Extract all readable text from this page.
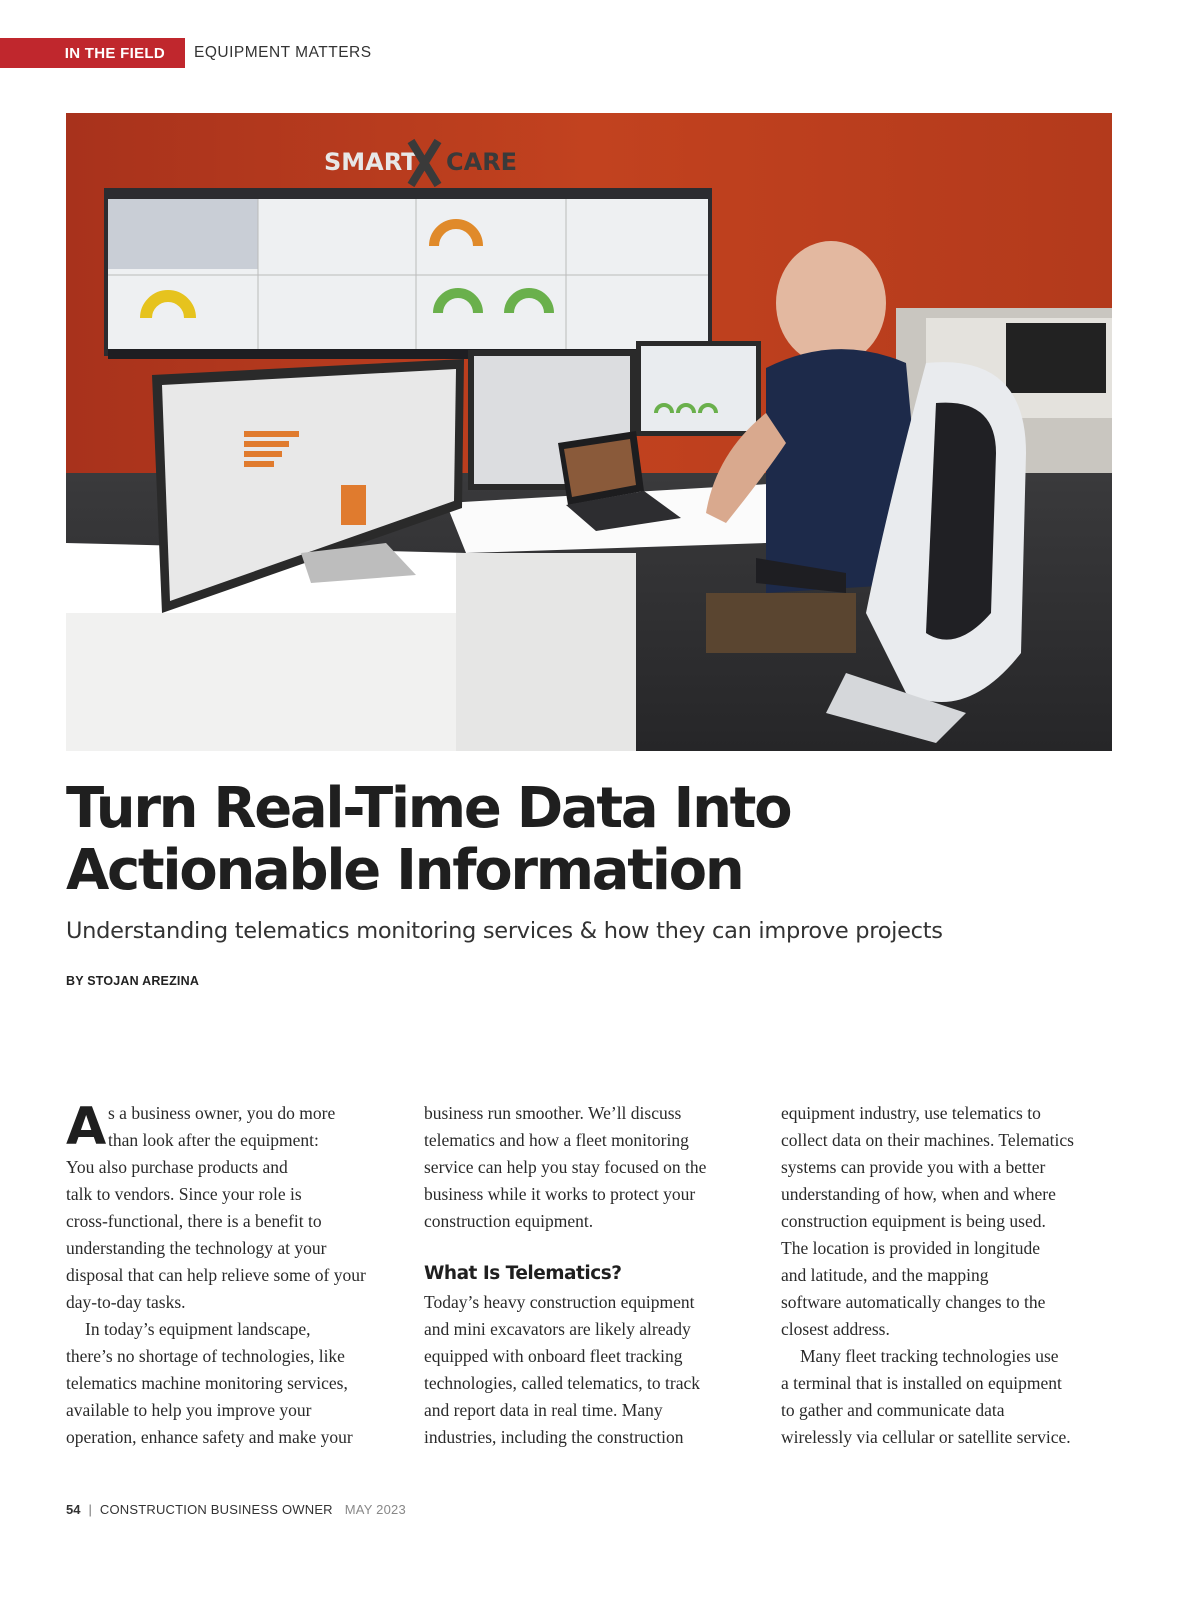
IN THE FIELD	EQUIPMENT MATTERS
SMART CARE
Turn Real-Time Data Into
Actionable Information
Understanding telematics monitoring services & how they can improve projects
BY STOJAN AREZINA
A s a business owner, you do more
than look after the equipment:
You also purchase products and
talk to vendors. Since your role is
cross-functional, there is a benefit to
understanding the technology at your
disposal that can help relieve some of your
day-to-day tasks.
In today’s equipment landscape,
there’s no shortage of technologies, like
telematics machine monitoring services,
available to help you improve your
operation, enhance safety and make your
business run smoother. We’ll discuss
telematics and how a fleet monitoring
service can help you stay focused on the
business while it works to protect your
construction equipment.
What Is Telematics?
Today’s heavy construction equipment
and mini excavators are likely already
equipped with onboard fleet tracking
technologies, called telematics, to track
and report data in real time. Many
industries, including the construction
equipment industry, use telematics to
collect data on their machines. Telematics
systems can provide you with a better
understanding of how, when and where
construction equipment is being used.
The location is provided in longitude
and latitude, and the mapping
software automatically changes to the
closest address.
Many fleet tracking technologies use
a terminal that is installed on equipment
to gather and communicate data
wirelessly via cellular or satellite service.
54 | CONSTRUCTION BUSINESS OWNER MAY 2023
